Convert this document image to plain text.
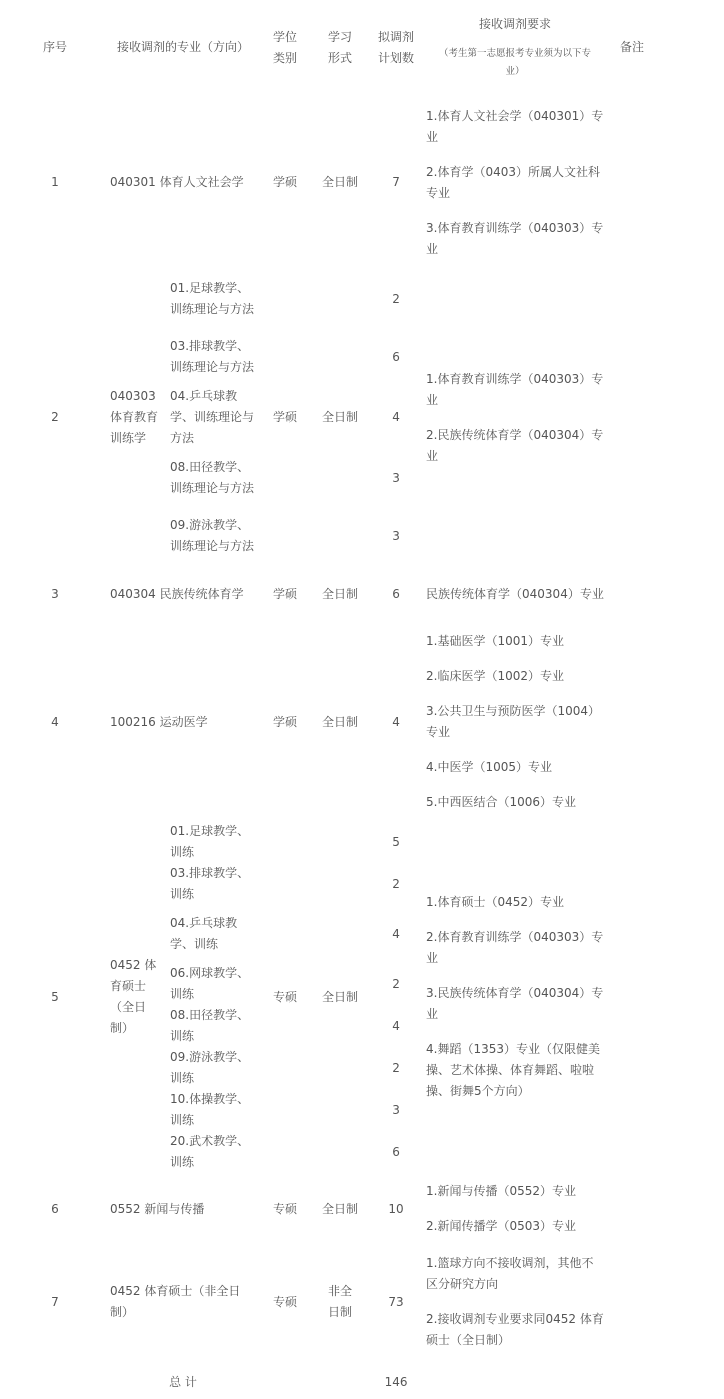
序号	接收调剂的专业（方向）		学位类别	学习形式	拟调剂计划数	接收调剂要求
（考生第一志愿报考专业须为以下专业）	备注
1	040301 体育人文社会学		学硕	全日制	7	1.体育人文社会学（040301）专业

2.体育学（0403）所属人文社科专业

3.体育教育训练学（040303）专业	

2	040303 体育教育训练学	01.足球教学、训练理论与方法	学硕	全日制	2	1.体育教育训练学（040303）专业

2.民族传统体育学（040304）专业	

		03.排球教学、训练理论与方法			6		
		04.乒乓球教学、训练理论与方法			4		
		08.田径教学、训练理论与方法			3		
		09.游泳教学、训练理论与方法			3		
3	040304 民族传统体育学		学硕	全日制	6	民族传统体育学（040304）专业	

4	100216 运动医学		学硕	全日制	4	1.基础医学（1001）专业

2.临床医学（1002）专业

3.公共卫生与预防医学（1004）专业

4.中医学（1005）专业

5.中西医结合（1006）专业	

5	0452 体育硕士（全日制）	01.足球教学、训练	专硕	全日制	5	1.体育硕士（0452）专业

2.体育教育训练学（040303）专业

3.民族传统体育学（040304）专业

4.舞蹈（1353）专业（仅限健美操、艺术体操、体育舞蹈、啦啦操、街舞5个方向）	

		03.排球教学、训练			2		
		04.乒乓球教学、训练			4		
		06.网球教学、训练			2		
		08.田径教学、训练			4		
		09.游泳教学、训练			2		
		10.体操教学、训练			3		
		20.武术教学、训练			6		
6	0552 新闻与传播		专硕	全日制	10	1.新闻与传播（0552）专业

2.新闻传播学（0503）专业	

7	0452 体育硕士（非全日制）		专硕	非全日制	73	1.篮球方向不接收调剂，其他不区分研究方向

2.接收调剂专业要求同0452 体育硕士（全日制）	

总 计					146		
